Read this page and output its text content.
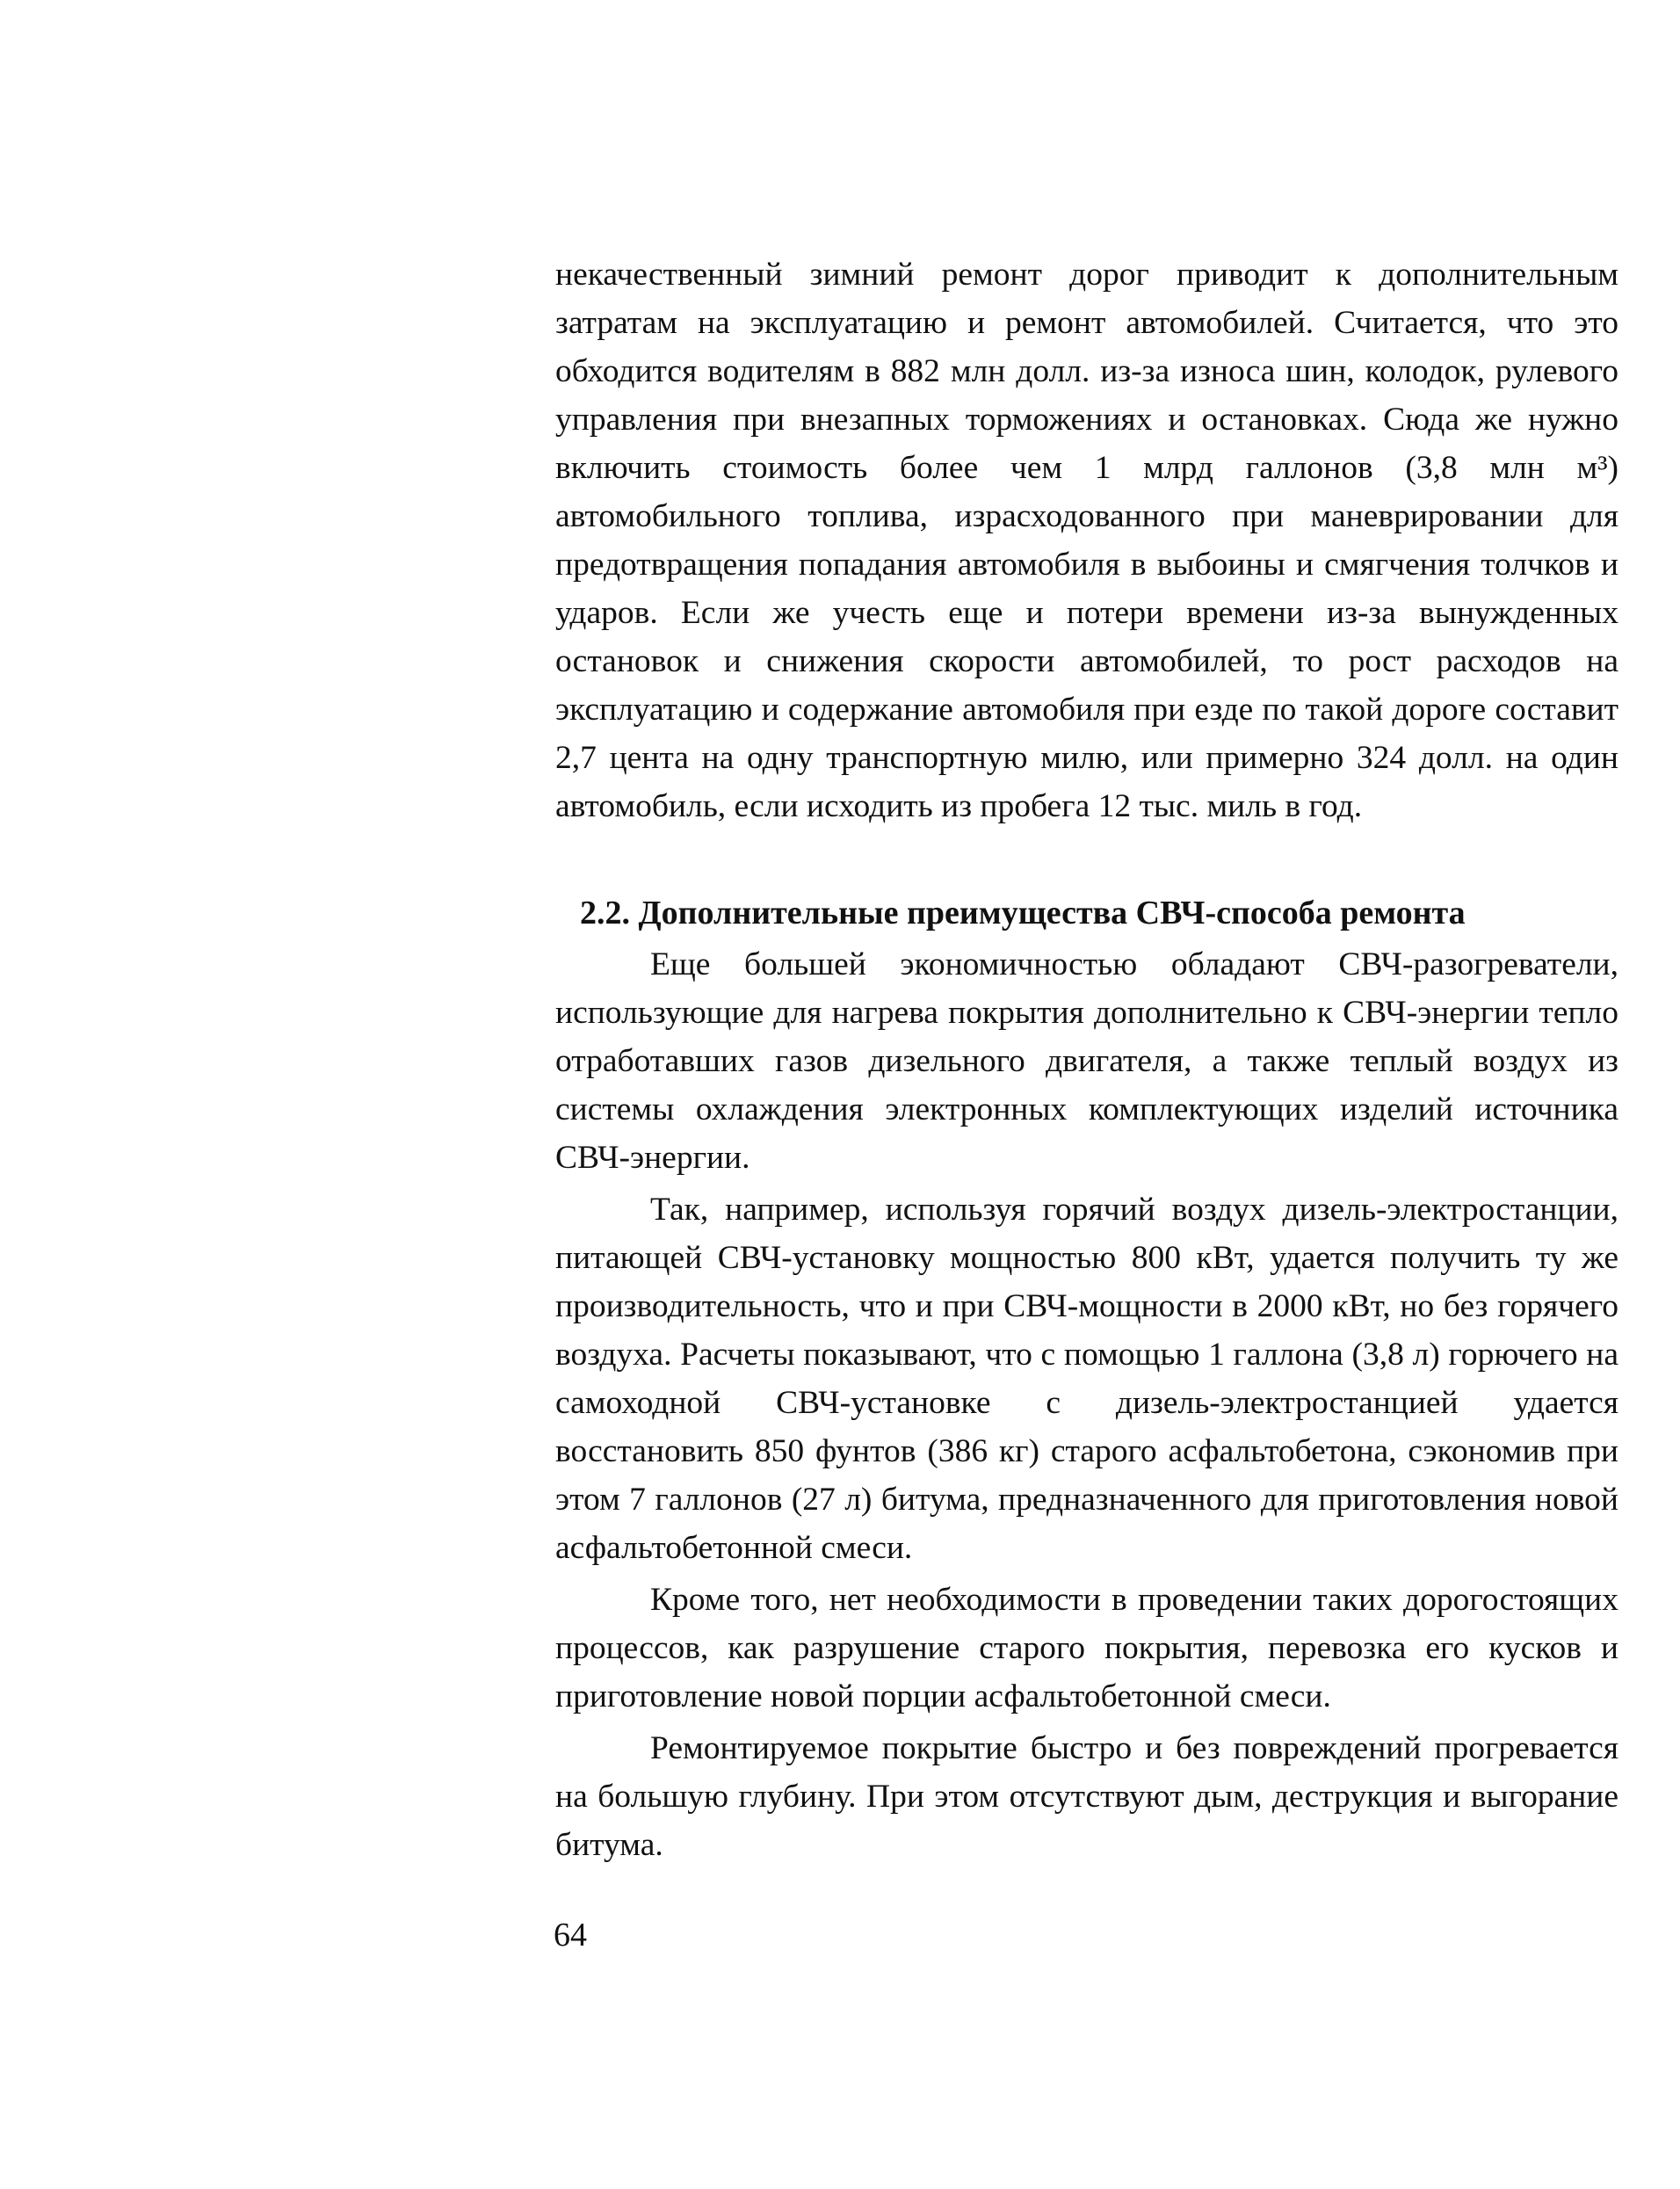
некачественный зимний ремонт дорог приводит к дополнительным затратам на эксплуатацию и ремонт автомобилей. Считается, что это обходится водителям в 882 млн долл. из-за износа шин, колодок, рулевого управления при внезапных торможениях и остановках. Сюда же нужно включить стоимость более чем 1 млрд галлонов (3,8 млн м³) автомобильного топлива, израсходованного при маневрировании для предотвращения попадания автомобиля в выбоины и смягчения толчков и ударов. Если же учесть еще и потери времени из-за вынужденных остановок и снижения скорости автомобилей, то рост расходов на эксплуатацию и содержание автомобиля при езде по такой дороге составит 2,7 цента на одну транспортную милю, или примерно 324 долл. на один автомобиль, если исходить из пробега 12 тыс. миль в год.

2.2. Дополнительные преимущества СВЧ-способа ремонта

Еще большей экономичностью обладают СВЧ-разогреватели, использующие для нагрева покрытия дополнительно к СВЧ-энергии тепло отработавших газов дизельного двигателя, а также теплый воздух из системы охлаждения электронных комплектующих изделий источника СВЧ-энергии.

Так, например, используя горячий воздух дизель-электростанции, питающей СВЧ-установку мощностью 800 кВт, удается получить ту же производительность, что и при СВЧ-мощности в 2000 кВт, но без горячего воздуха. Расчеты показывают, что с помощью 1 галлона (3,8 л) горючего на самоходной СВЧ-установке с дизель-электростанцией удается восстановить 850 фунтов (386 кг) старого асфальтобетона, сэкономив при этом 7 галлонов (27 л) битума, предназначенного для приготовления новой асфальтобетонной смеси.

Кроме того, нет необходимости в проведении таких дорогостоящих процессов, как разрушение старого покрытия, перевозка его кусков и приготовление новой порции асфальтобетонной смеси.

Ремонтируемое покрытие быстро и без повреждений прогревается на большую глубину. При этом отсутствуют дым, деструкция и выгорание битума.

64
